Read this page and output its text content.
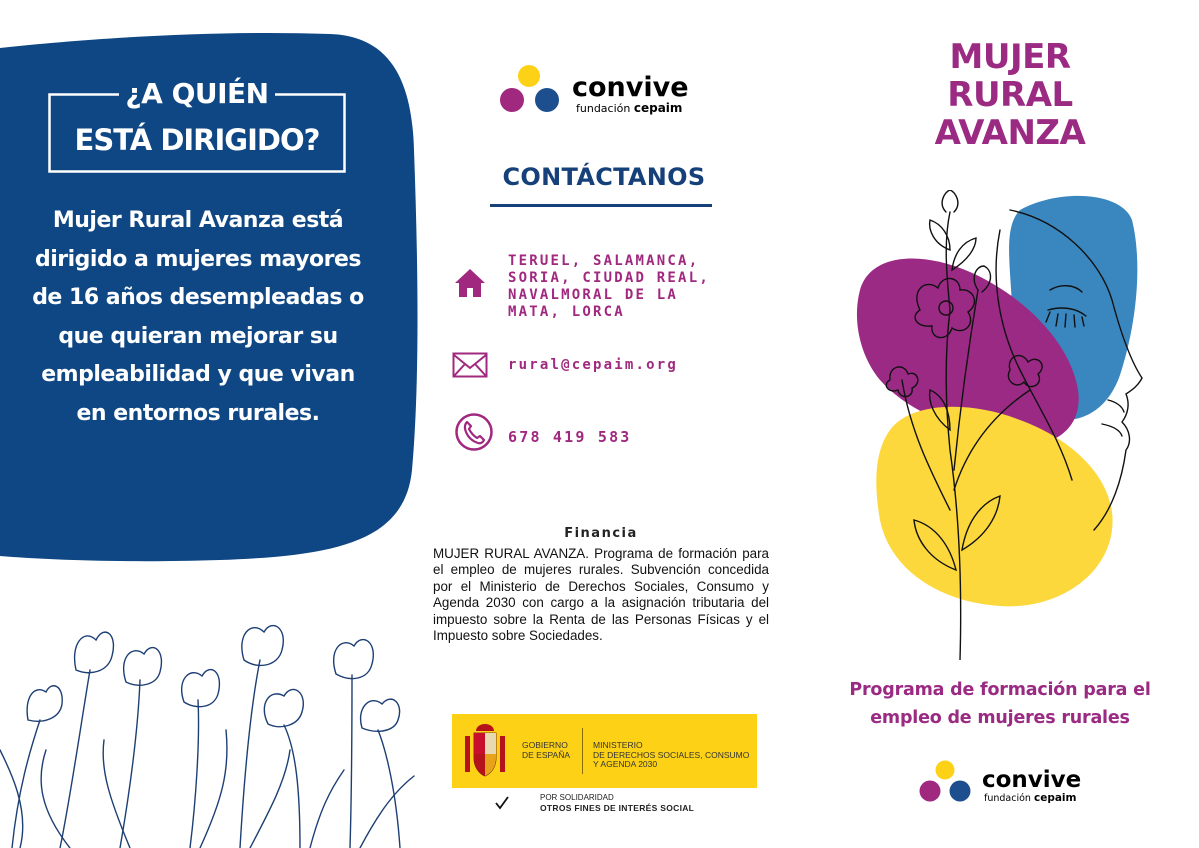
¿A QUIÉN
ESTÁ DIRIGIDO?

Mujer Rural Avanza está dirigido a mujeres mayores de 16 años desempleadas o que quieran mejorar su empleabilidad y que vivan en entornos rurales.

convive
fundación cepaim
CONTÁCTANOS
TERUEL, SALAMANCA,
SORIA, CIUDAD REAL,
NAVALMORAL DE LA
MATA, LORCA
rural@cepaim.org
678 419 583
Financia

MUJER RURAL AVANZA. Programa de formación para el empleo de mujeres rurales. Subvención concedida por el Ministerio de Derechos Sociales, Consumo y Agenda 2030 con cargo a la asignación tributaria del impuesto sobre la Renta de las Personas Físicas y el Impuesto sobre Sociedades.

GOBIERNO
DE ESPAÑA
MINISTERIO
DE DERECHOS SOCIALES, CONSUMO
Y AGENDA 2030
POR SOLIDARIDAD
OTROS FINES DE INTERÉS SOCIAL
MUJER
RURAL
AVANZA

Programa de formación para el
empleo de mujeres rurales

convive
fundación cepaim
